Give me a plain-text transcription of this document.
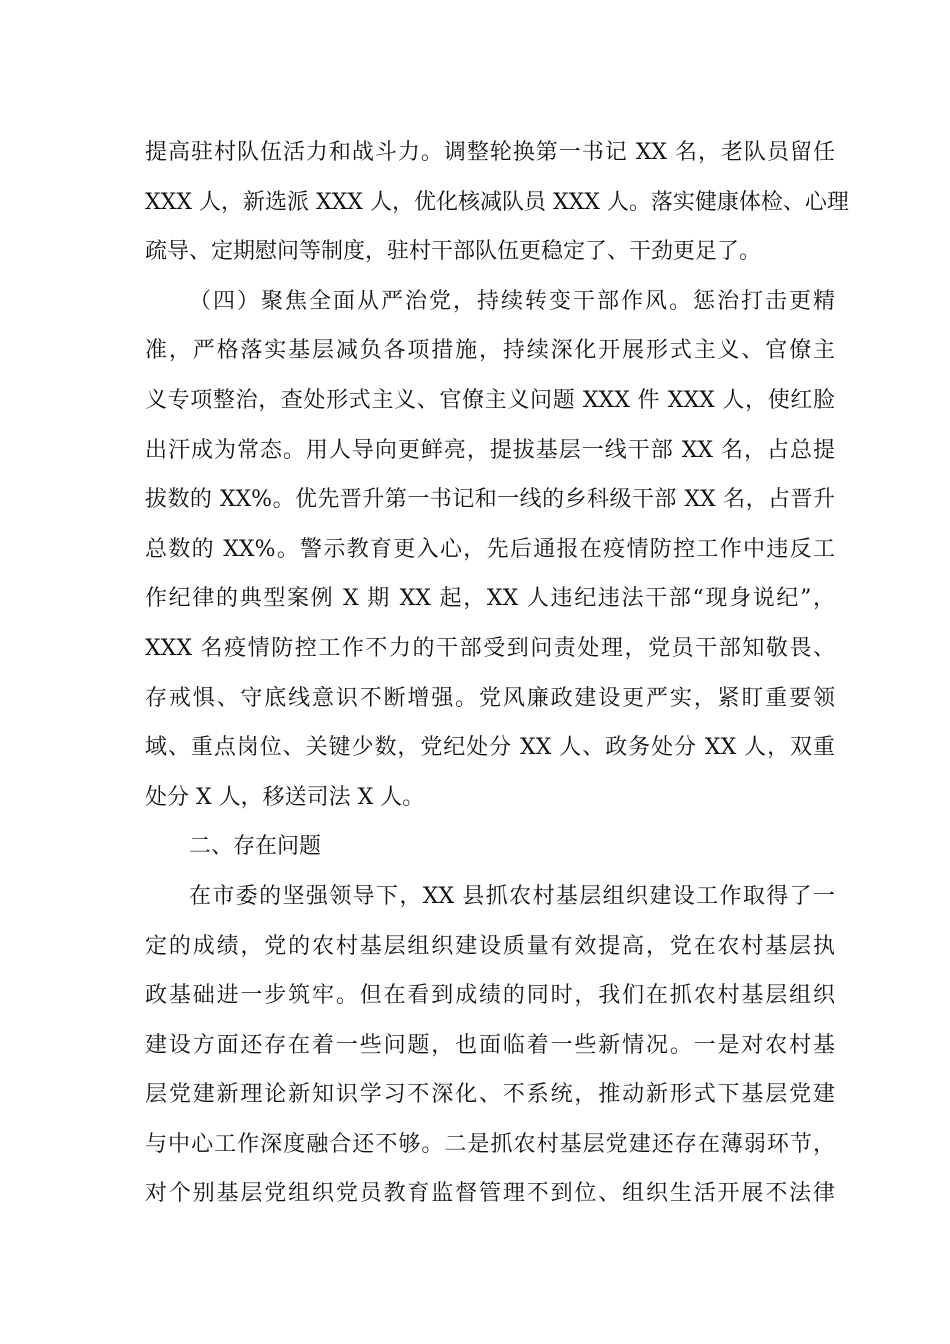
提高驻村队伍活力和战斗力。调整轮换第一书记 XX 名，老队员留任
XXX 人，新选派 XXX 人，优化核减队员 XXX 人。落实健康体检、心理
疏导、定期慰问等制度，驻村干部队伍更稳定了、干劲更足了。
（四）聚焦全面从严治党，持续转变干部作风。惩治打击更精
准，严格落实基层减负各项措施，持续深化开展形式主义、官僚主
义专项整治，查处形式主义、官僚主义问题 XXX 件 XXX 人，使红脸
出汗成为常态。用人导向更鲜亮，提拔基层一线干部 XX 名，占总提
拔数的 XX%。优先晋升第一书记和一线的乡科级干部 XX 名，占晋升
总数的 XX%。警示教育更入心，先后通报在疫情防控工作中违反工
作纪律的典型案例 X 期 XX 起，XX 人违纪违法干部“现身说纪”，
XXX 名疫情防控工作不力的干部受到问责处理，党员干部知敬畏、
存戒惧、守底线意识不断增强。党风廉政建设更严实，紧盯重要领
域、重点岗位、关键少数，党纪处分 XX 人、政务处分 XX 人，双重
处分 X 人，移送司法 X 人。
二、存在问题
在市委的坚强领导下，XX 县抓农村基层组织建设工作取得了一
定的成绩，党的农村基层组织建设质量有效提高，党在农村基层执
政基础进一步筑牢。但在看到成绩的同时，我们在抓农村基层组织
建设方面还存在着一些问题，也面临着一些新情况。一是对农村基
层党建新理论新知识学习不深化、不系统，推动新形式下基层党建
与中心工作深度融合还不够。二是抓农村基层党建还存在薄弱环节，
对个别基层党组织党员教育监督管理不到位、组织生活开展不法律
